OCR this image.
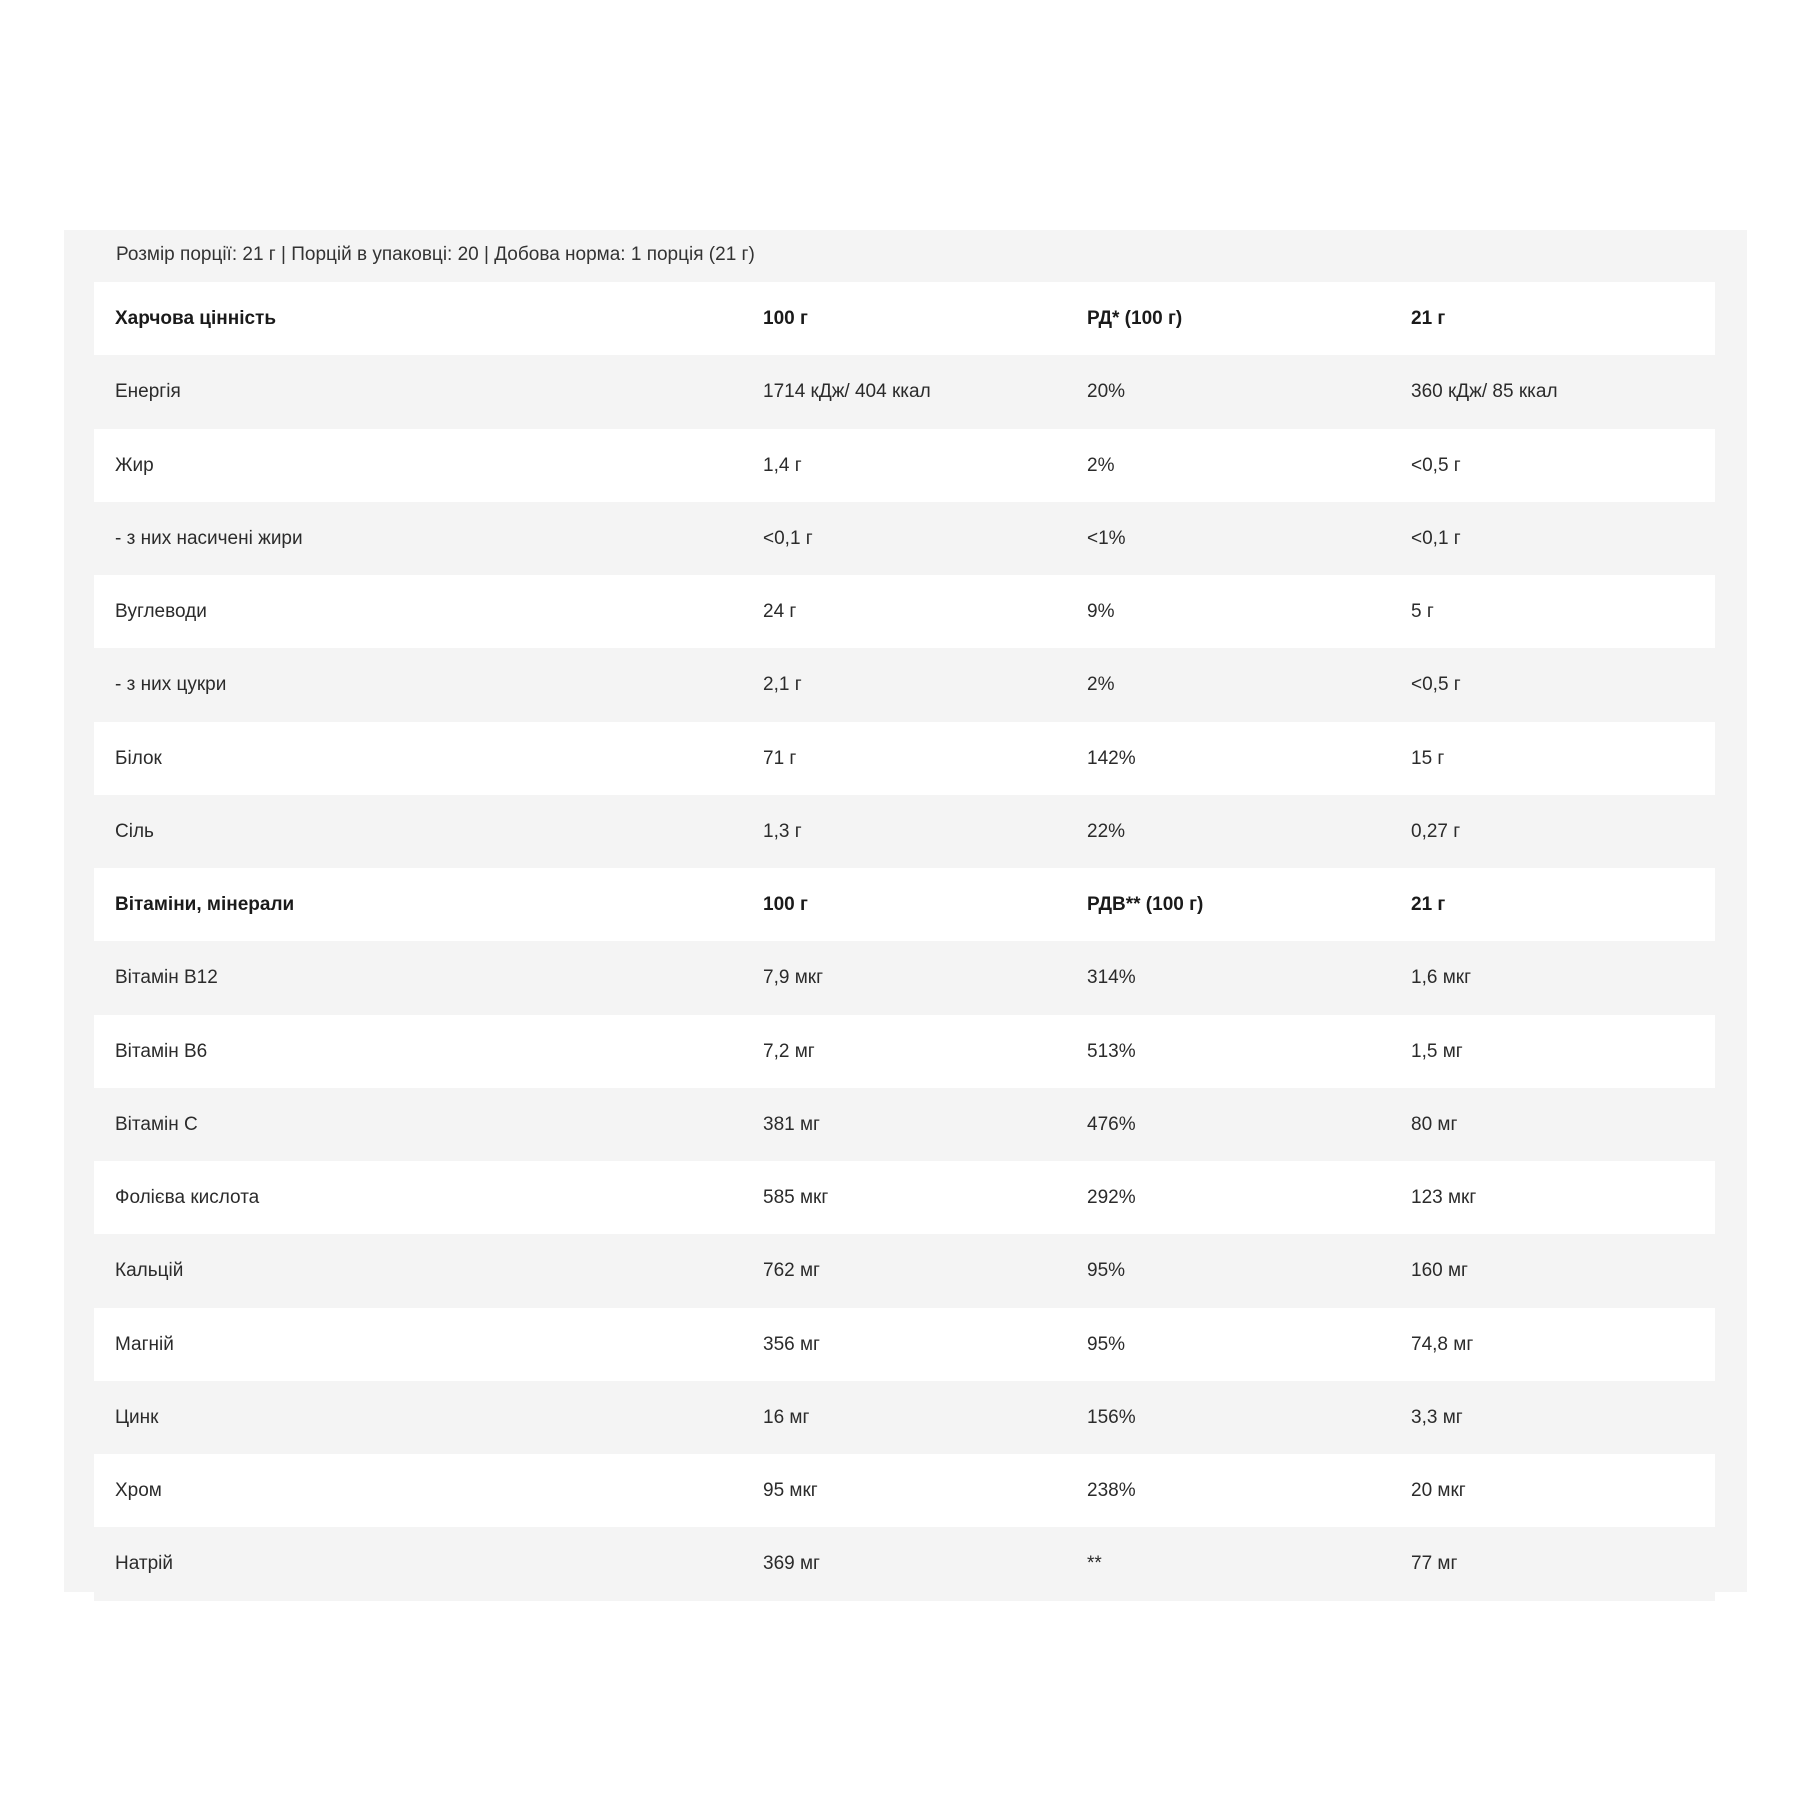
Розмір порції: 21 г | Порцій в упаковці: 20 | Добова норма: 1 порція (21 г)
Харчова цінність	100 г	РД* (100 г)	21 г
Енергія	1714 кДж/ 404 ккал	20%	360 кДж/ 85 ккал
Жир	1,4 г	2%	<0,5 г
- з них насичені жири	<0,1 г	<1%	<0,1 г
Вуглеводи	24 г	9%	5 г
- з них цукри	2,1 г	2%	<0,5 г
Білок	71 г	142%	15 г
Сіль	1,3 г	22%	0,27 г
Вітаміни, мінерали	100 г	РДВ** (100 г)	21 г
Вітамін В12	7,9 мкг	314%	1,6 мкг
Вітамін В6	7,2 мг	513%	1,5 мг
Вітамін С	381 мг	476%	80 мг
Фолієва кислота	585 мкг	292%	123 мкг
Кальцій	762 мг	95%	160 мг
Магній	356 мг	95%	74,8 мг
Цинк	16 мг	156%	3,3 мг
Хром	95 мкг	238%	20 мкг
Натрій	369 мг	**	77 мг
